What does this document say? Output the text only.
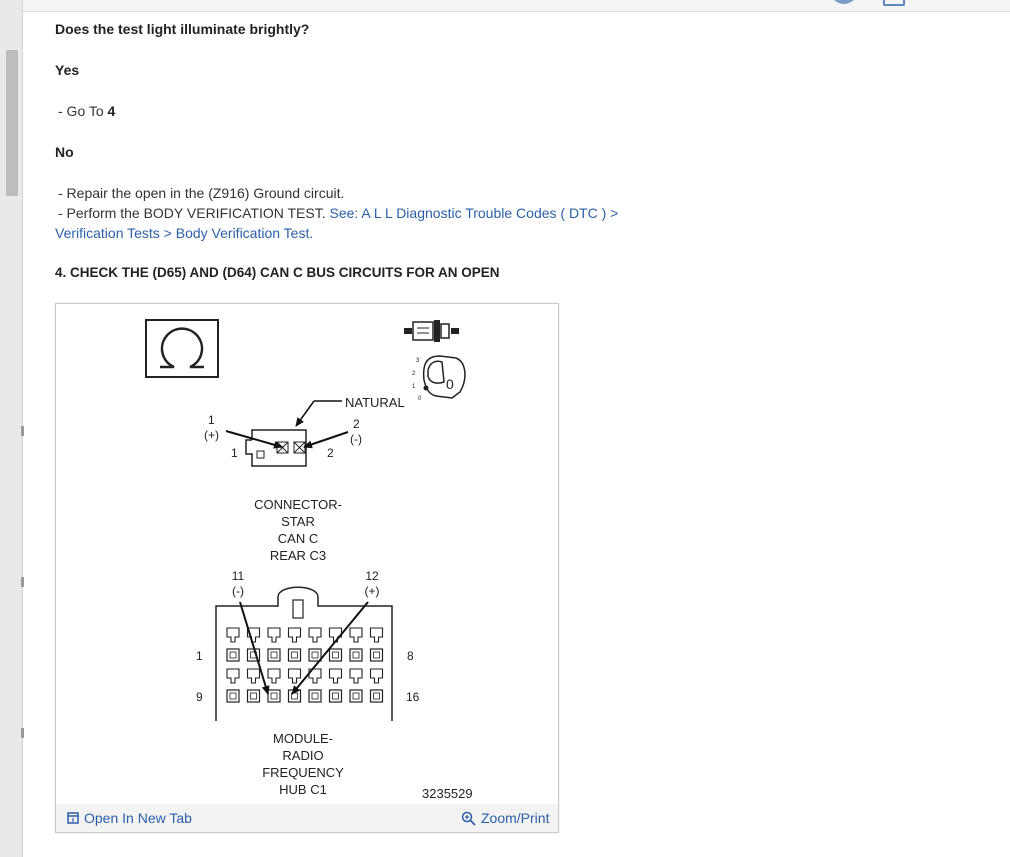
Does the test light illuminate brightly?
Yes
- Go To 4
No
- Repair the open in the (Z916) Ground circuit.
- Perform the BODY VERIFICATION TEST. See: A L L Diagnostic Trouble Codes ( DTC ) >
Verification Tests > Body Verification Test.
4. CHECK THE (D65) AND (D64) CAN C BUS CIRCUITS FOR AN OPEN
3
2
1
0
0
NATURAL
1
(+)
1
2
(-)
2
CONNECTOR-
STAR
CAN C
REAR C3
11
(-)
12
(+)
1
9
8
16
MODULE-
RADIO
FREQUENCY
HUB C1	3235529
Open In New Tab	Zoom/Print
